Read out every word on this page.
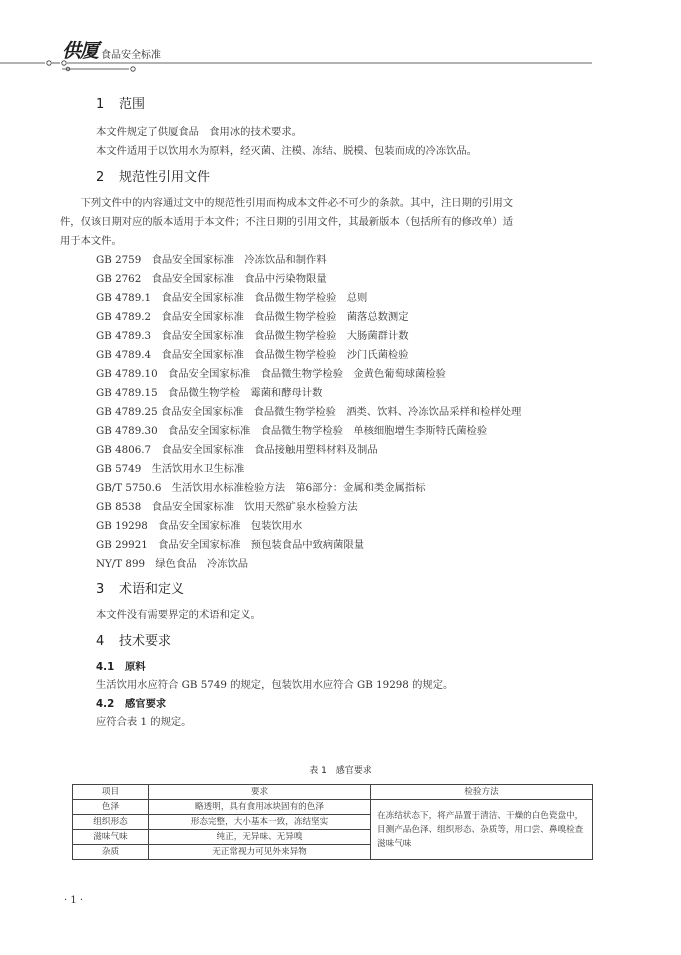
供厦 食品安全标准
1 范围

本文件规定了供厦食品　食用冰的技术要求。

本文件适用于以饮用水为原料，经灭菌、注模、冻结、脱模、包装而成的冷冻饮品。

2 规范性引用文件

　　下列文件中的内容通过文中的规范性引用而构成本文件必不可少的条款。其中，注日期的引用文

件，仅该日期对应的版本适用于本文件；不注日期的引用文件，其最新版本（包括所有的修改单）适

用于本文件。

GB 2759　食品安全国家标准　冷冻饮品和制作料
GB 2762　食品安全国家标准　食品中污染物限量
GB 4789.1　食品安全国家标准　食品微生物学检验　总则
GB 4789.2　食品安全国家标准　食品微生物学检验　菌落总数测定
GB 4789.3　食品安全国家标准　食品微生物学检验　大肠菌群计数
GB 4789.4　食品安全国家标准　食品微生物学检验　沙门氏菌检验
GB 4789.10　食品安全国家标准　食品微生物学检验　金黄色葡萄球菌检验
GB 4789.15　食品微生物学检　霉菌和酵母计数
GB 4789.25 食品安全国家标准　食品微生物学检验　酒类、饮料、冷冻饮品采样和检样处理
GB 4789.30　食品安全国家标准　食品微生物学检验　单核细胞增生李斯特氏菌检验
GB 4806.7　食品安全国家标准　食品接触用塑料材料及制品
GB 5749　生活饮用水卫生标准
GB/T 5750.6　生活饮用水标准检验方法　第6部分：金属和类金属指标
GB 8538　食品安全国家标准　饮用天然矿泉水检验方法
GB 19298　食品安全国家标准　包装饮用水
GB 29921　食品安全国家标准　预包装食品中致病菌限量
NY/T 899　绿色食品　冷冻饮品
3 术语和定义

本文件没有需要界定的术语和定义。

4 技术要求
4.1 原料

生活饮用水应符合 GB 5749 的规定，包装饮用水应符合 GB 19298 的规定。

4.2 感官要求

应符合表 1 的规定。

表 1　感官要求
项目	要求	检验方法
色泽	略透明，具有食用冰块固有的色泽	在冻结状态下，将产品置于清洁、干燥的白色瓷盘中，目测产品色泽、组织形态、杂质等，用口尝、鼻嗅检查滋味气味
组织形态	形态完整，大小基本一致，冻结坚实	
滋味气味	纯正，无异味、无异嗅	
杂质	无正常视力可见外来异物	
· 1 ·
